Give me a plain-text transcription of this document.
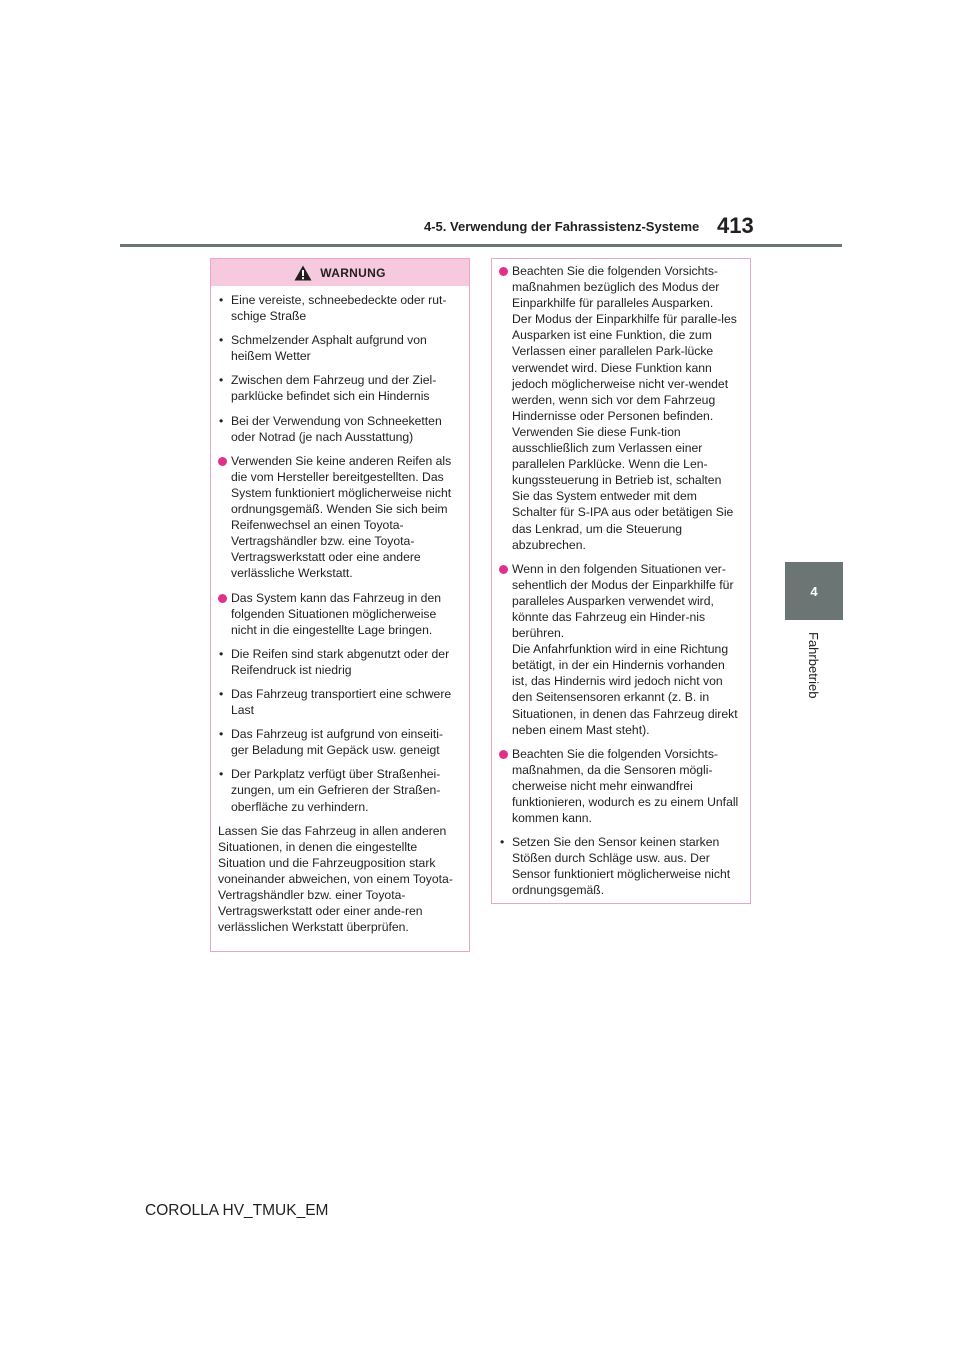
4-5. Verwendung der Fahrassistenz-Systeme 413
4
Fahrbetrieb
WARNUNG
• Eine vereiste, schneebedeckte oder rut-schige Straße
• Schmelzender Asphalt aufgrund von heißem Wetter
• Zwischen dem Fahrzeug und der Ziel-parklücke befindet sich ein Hindernis
• Bei der Verwendung von Schneeketten oder Notrad (je nach Ausstattung)
Verwenden Sie keine anderen Reifen als die vom Hersteller bereitgestellten. Das System funktioniert möglicherweise nicht ordnungsgemäß. Wenden Sie sich beim Reifenwechsel an einen Toyota-Vertragshändler bzw. eine Toyota-Vertragswerkstatt oder eine andere verlässliche Werkstatt.
Das System kann das Fahrzeug in den folgenden Situationen möglicherweise nicht in die eingestellte Lage bringen.
• Die Reifen sind stark abgenutzt oder der Reifendruck ist niedrig
• Das Fahrzeug transportiert eine schwere Last
• Das Fahrzeug ist aufgrund von einseiti-ger Beladung mit Gepäck usw. geneigt
• Der Parkplatz verfügt über Straßenhei-zungen, um ein Gefrieren der Straßen-oberfläche zu verhindern.
Lassen Sie das Fahrzeug in allen anderen Situationen, in denen die eingestellte Situation und die Fahrzeugposition stark voneinander abweichen, von einem Toyota-Vertragshändler bzw. einer Toyota-Vertragswerkstatt oder einer ande-ren verlässlichen Werkstatt überprüfen.
Beachten Sie die folgenden Vorsichts-maßnahmen bezüglich des Modus der Einparkhilfe für paralleles Ausparken.
Der Modus der Einparkhilfe für paralle-les Ausparken ist eine Funktion, die zum Verlassen einer parallelen Park-lücke verwendet wird. Diese Funktion kann jedoch möglicherweise nicht ver-wendet werden, wenn sich vor dem Fahrzeug Hindernisse oder Personen befinden. Verwenden Sie diese Funk-tion ausschließlich zum Verlassen einer parallelen Parklücke. Wenn die Len-kungssteuerung in Betrieb ist, schalten Sie das System entweder mit dem Schalter für S-IPA aus oder betätigen Sie das Lenkrad, um die Steuerung abzubrechen.
Wenn in den folgenden Situationen ver-sehentlich der Modus der Einparkhilfe für paralleles Ausparken verwendet wird, könnte das Fahrzeug ein Hinder-nis berühren.
Die Anfahrfunktion wird in eine Richtung betätigt, in der ein Hindernis vorhanden ist, das Hindernis wird jedoch nicht von den Seitensensoren erkannt (z. B. in Situationen, in denen das Fahrzeug direkt neben einem Mast steht).
Beachten Sie die folgenden Vorsichts-maßnahmen, da die Sensoren mögli-cherweise nicht mehr einwandfrei funktionieren, wodurch es zu einem Unfall kommen kann.
• Setzen Sie den Sensor keinen starken Stößen durch Schläge usw. aus. Der Sensor funktioniert möglicherweise nicht ordnungsgemäß.
COROLLA HV_TMUK_EM
